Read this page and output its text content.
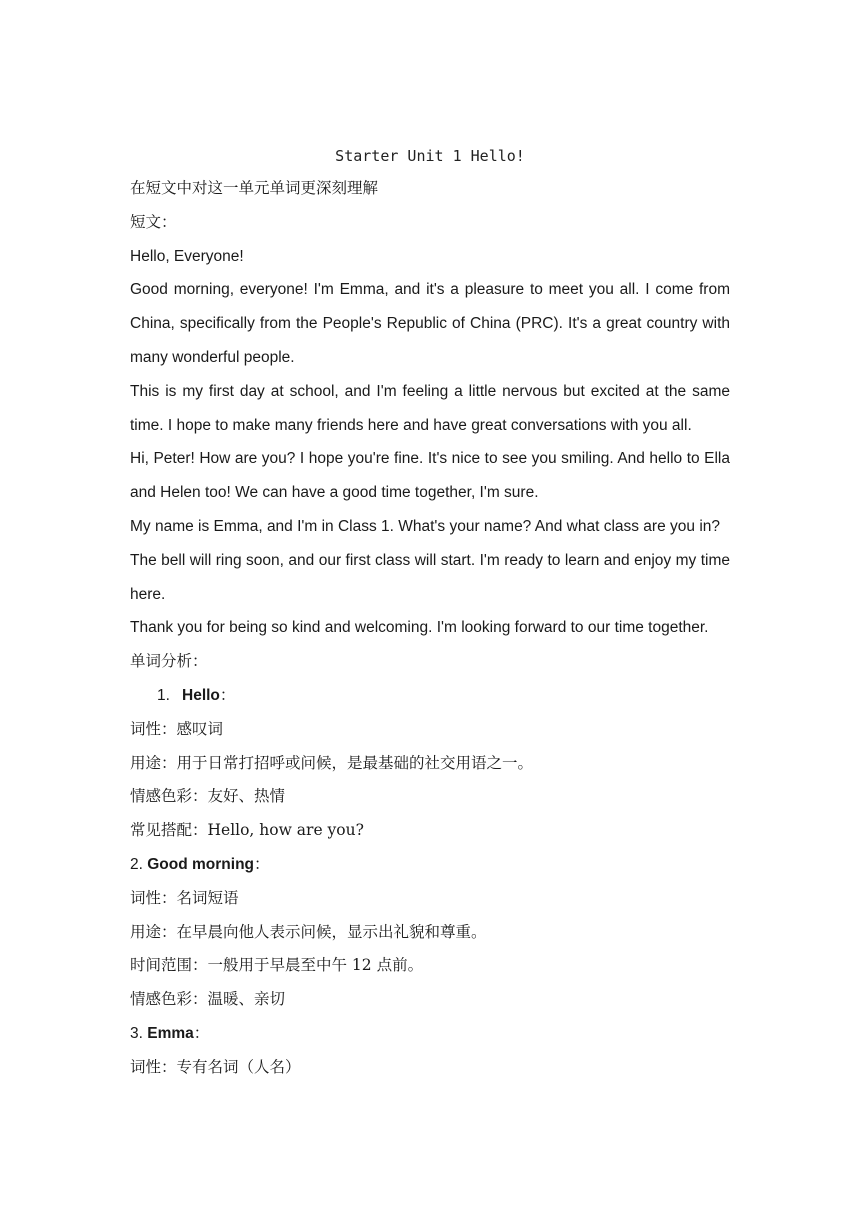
Starter Unit 1 Hello!
在短文中对这一单元单词更深刻理解
短文：
Hello, Everyone!

Good morning, everyone! I'm Emma, and it's a pleasure to meet you all. I come from China, specifically from the People's Republic of China (PRC). It's a great country with many wonderful people.

This is my first day at school, and I'm feeling a little nervous but excited at the same time. I hope to make many friends here and have great conversations with you all.

Hi, Peter! How are you? I hope you're fine. It's nice to see you smiling. And hello to Ella and Helen too! We can have a good time together, I'm sure.

My name is Emma, and I'm in Class 1. What's your name? And what class are you in?

The bell will ring soon, and our first class will start. I'm ready to learn and enjoy my time here.

Thank you for being so kind and welcoming. I'm looking forward to our time together.

单词分析：
1. Hello：
词性：感叹词
用途：用于日常打招呼或问候，是最基础的社交用语之一。
情感色彩：友好、热情
常见搭配：Hello, how are you?
2. Good morning：
词性：名词短语
用途：在早晨向他人表示问候，显示出礼貌和尊重。
时间范围：一般用于早晨至中午 12 点前。
情感色彩：温暖、亲切
3. Emma：
词性：专有名词（人名）
